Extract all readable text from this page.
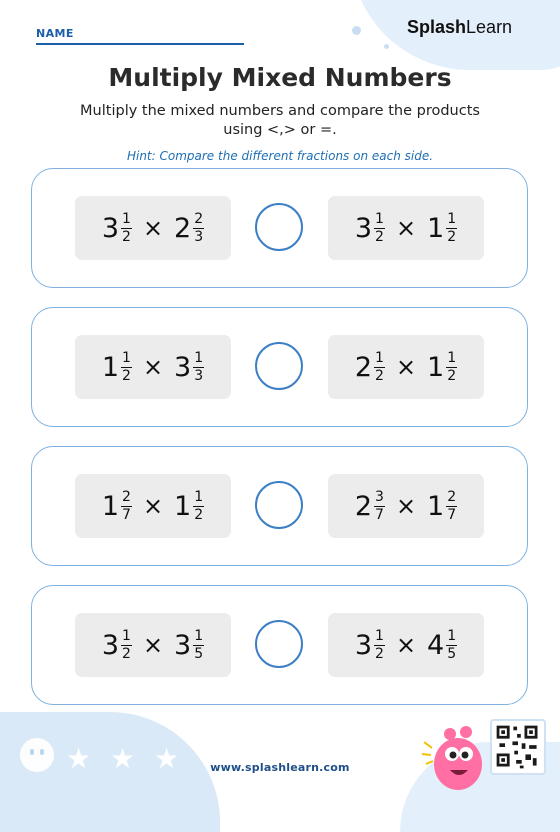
NAME	SplashLearn
Multiply Mixed Numbers
Multiply the mixed numbers and compare the products
using <,> or =.
Hint: Compare the different fractions on each side.
$3 \frac{1}{2} \times 2 \frac{2}{3}$	$3 \frac{1}{2} \times 1 \frac{1}{2}$
$1 \frac{1}{2} \times 3 \frac{1}{3}$	$2 \frac{1}{2} \times 1 \frac{1}{2}$
$1 \frac{2}{7} \times 1 \frac{1}{2}$	$2 \frac{3}{7} \times 1 \frac{2}{7}$
$3 \frac{1}{2} \times 3 \frac{1}{5}$	$3 \frac{1}{2} \times 4 \frac{1}{5}$
★ ★ ★	www.splashlearn.com
